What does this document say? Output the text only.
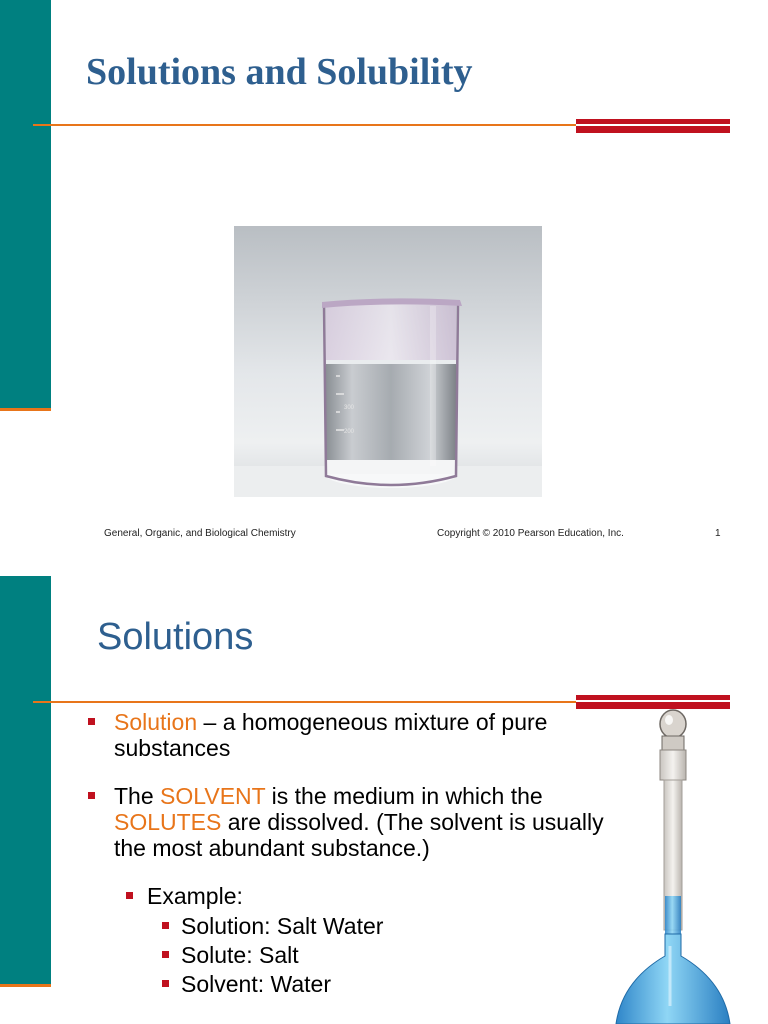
Solutions and Solubility
300
200
General, Organic, and Biological Chemistry	Copyright © 2010 Pearson Education, Inc.	1
Solutions
Solution – a homogeneous mixture of pure substances
The SOLVENT is the medium in which the SOLUTES are dissolved. (The solvent is usually the most abundant substance.)
Example:
Solution: Salt Water
Solute: Salt
Solvent: Water
